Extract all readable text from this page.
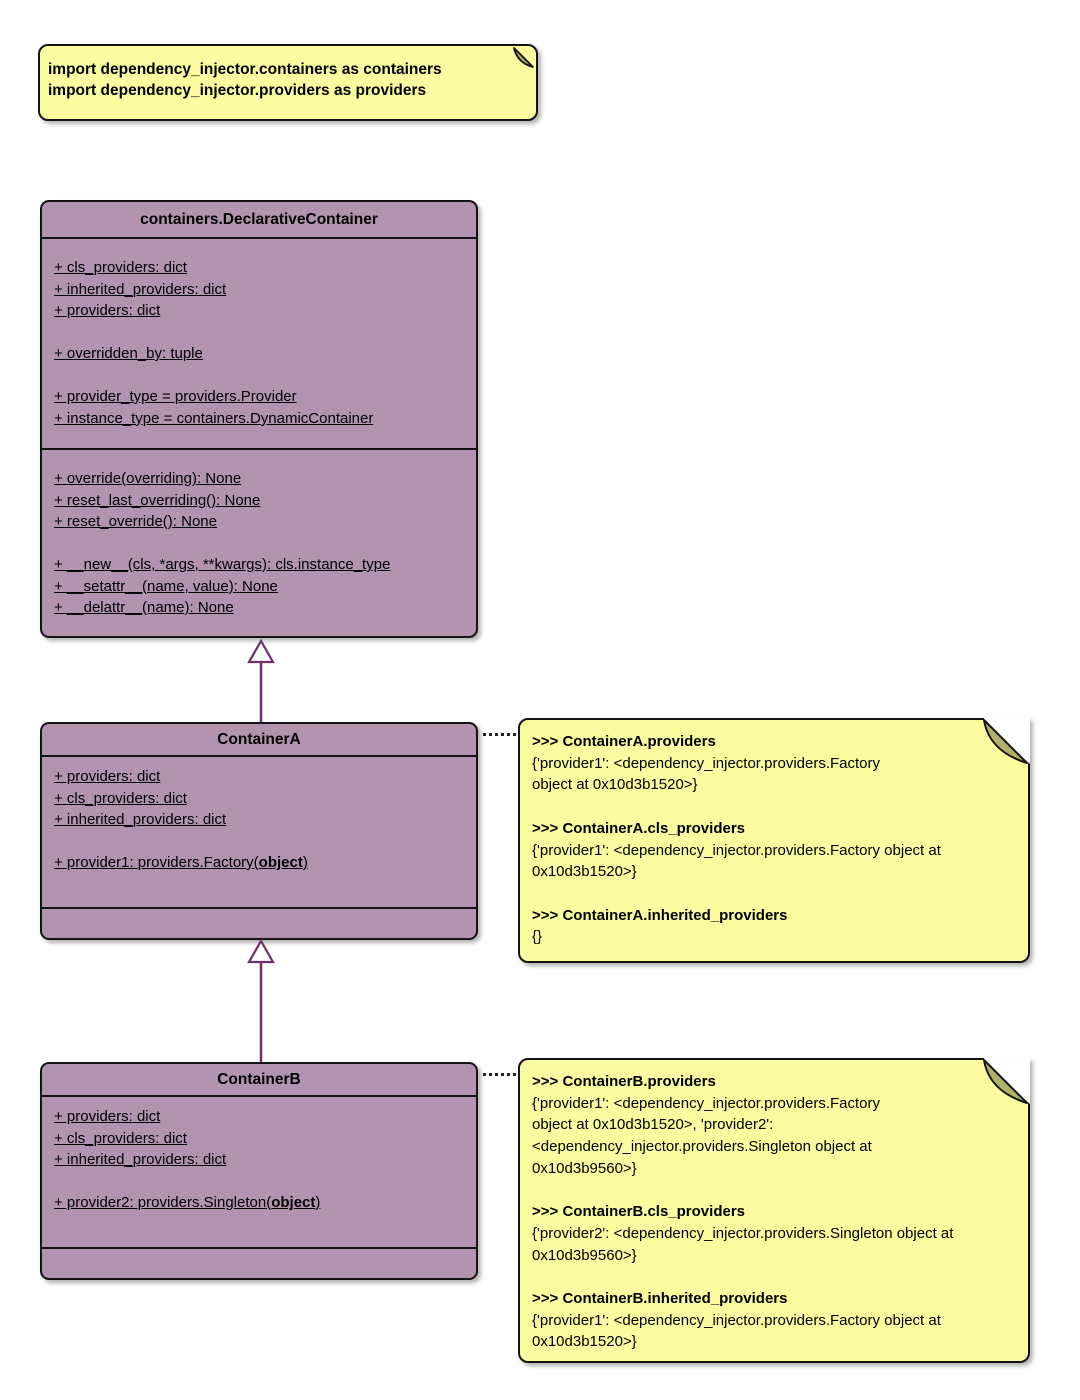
import dependency_injector.containers as containers
import dependency_injector.providers as providers
containers.DeclarativeContainer
+ cls_providers: dict
+ inherited_providers: dict
+ providers: dict
+ overridden_by: tuple
+ provider_type = providers.Provider
+ instance_type = containers.DynamicContainer
+ override(overriding): None
+ reset_last_overriding(): None
+ reset_override(): None
+ __new__(cls, *args, **kwargs): cls.instance_type
+ __setattr__(name, value): None
+ __delattr__(name): None
ContainerA
+ providers: dict
+ cls_providers: dict
+ inherited_providers: dict
+ provider1: providers.Factory(object)
>>> ContainerA.providers
{'provider1': <dependency_injector.providers.Factory
object at 0x10d3b1520>}
>>> ContainerA.cls_providers
{'provider1': <dependency_injector.providers.Factory object at
0x10d3b1520>}
>>> ContainerA.inherited_providers
{}
ContainerB
+ providers: dict
+ cls_providers: dict
+ inherited_providers: dict
+ provider2: providers.Singleton(object)
>>> ContainerB.providers
{'provider1': <dependency_injector.providers.Factory
object at 0x10d3b1520>, 'provider2':
<dependency_injector.providers.Singleton object at
0x10d3b9560>}
>>> ContainerB.cls_providers
{'provider2': <dependency_injector.providers.Singleton object at
0x10d3b9560>}
>>> ContainerB.inherited_providers
{'provider1': <dependency_injector.providers.Factory object at
0x10d3b1520>}
